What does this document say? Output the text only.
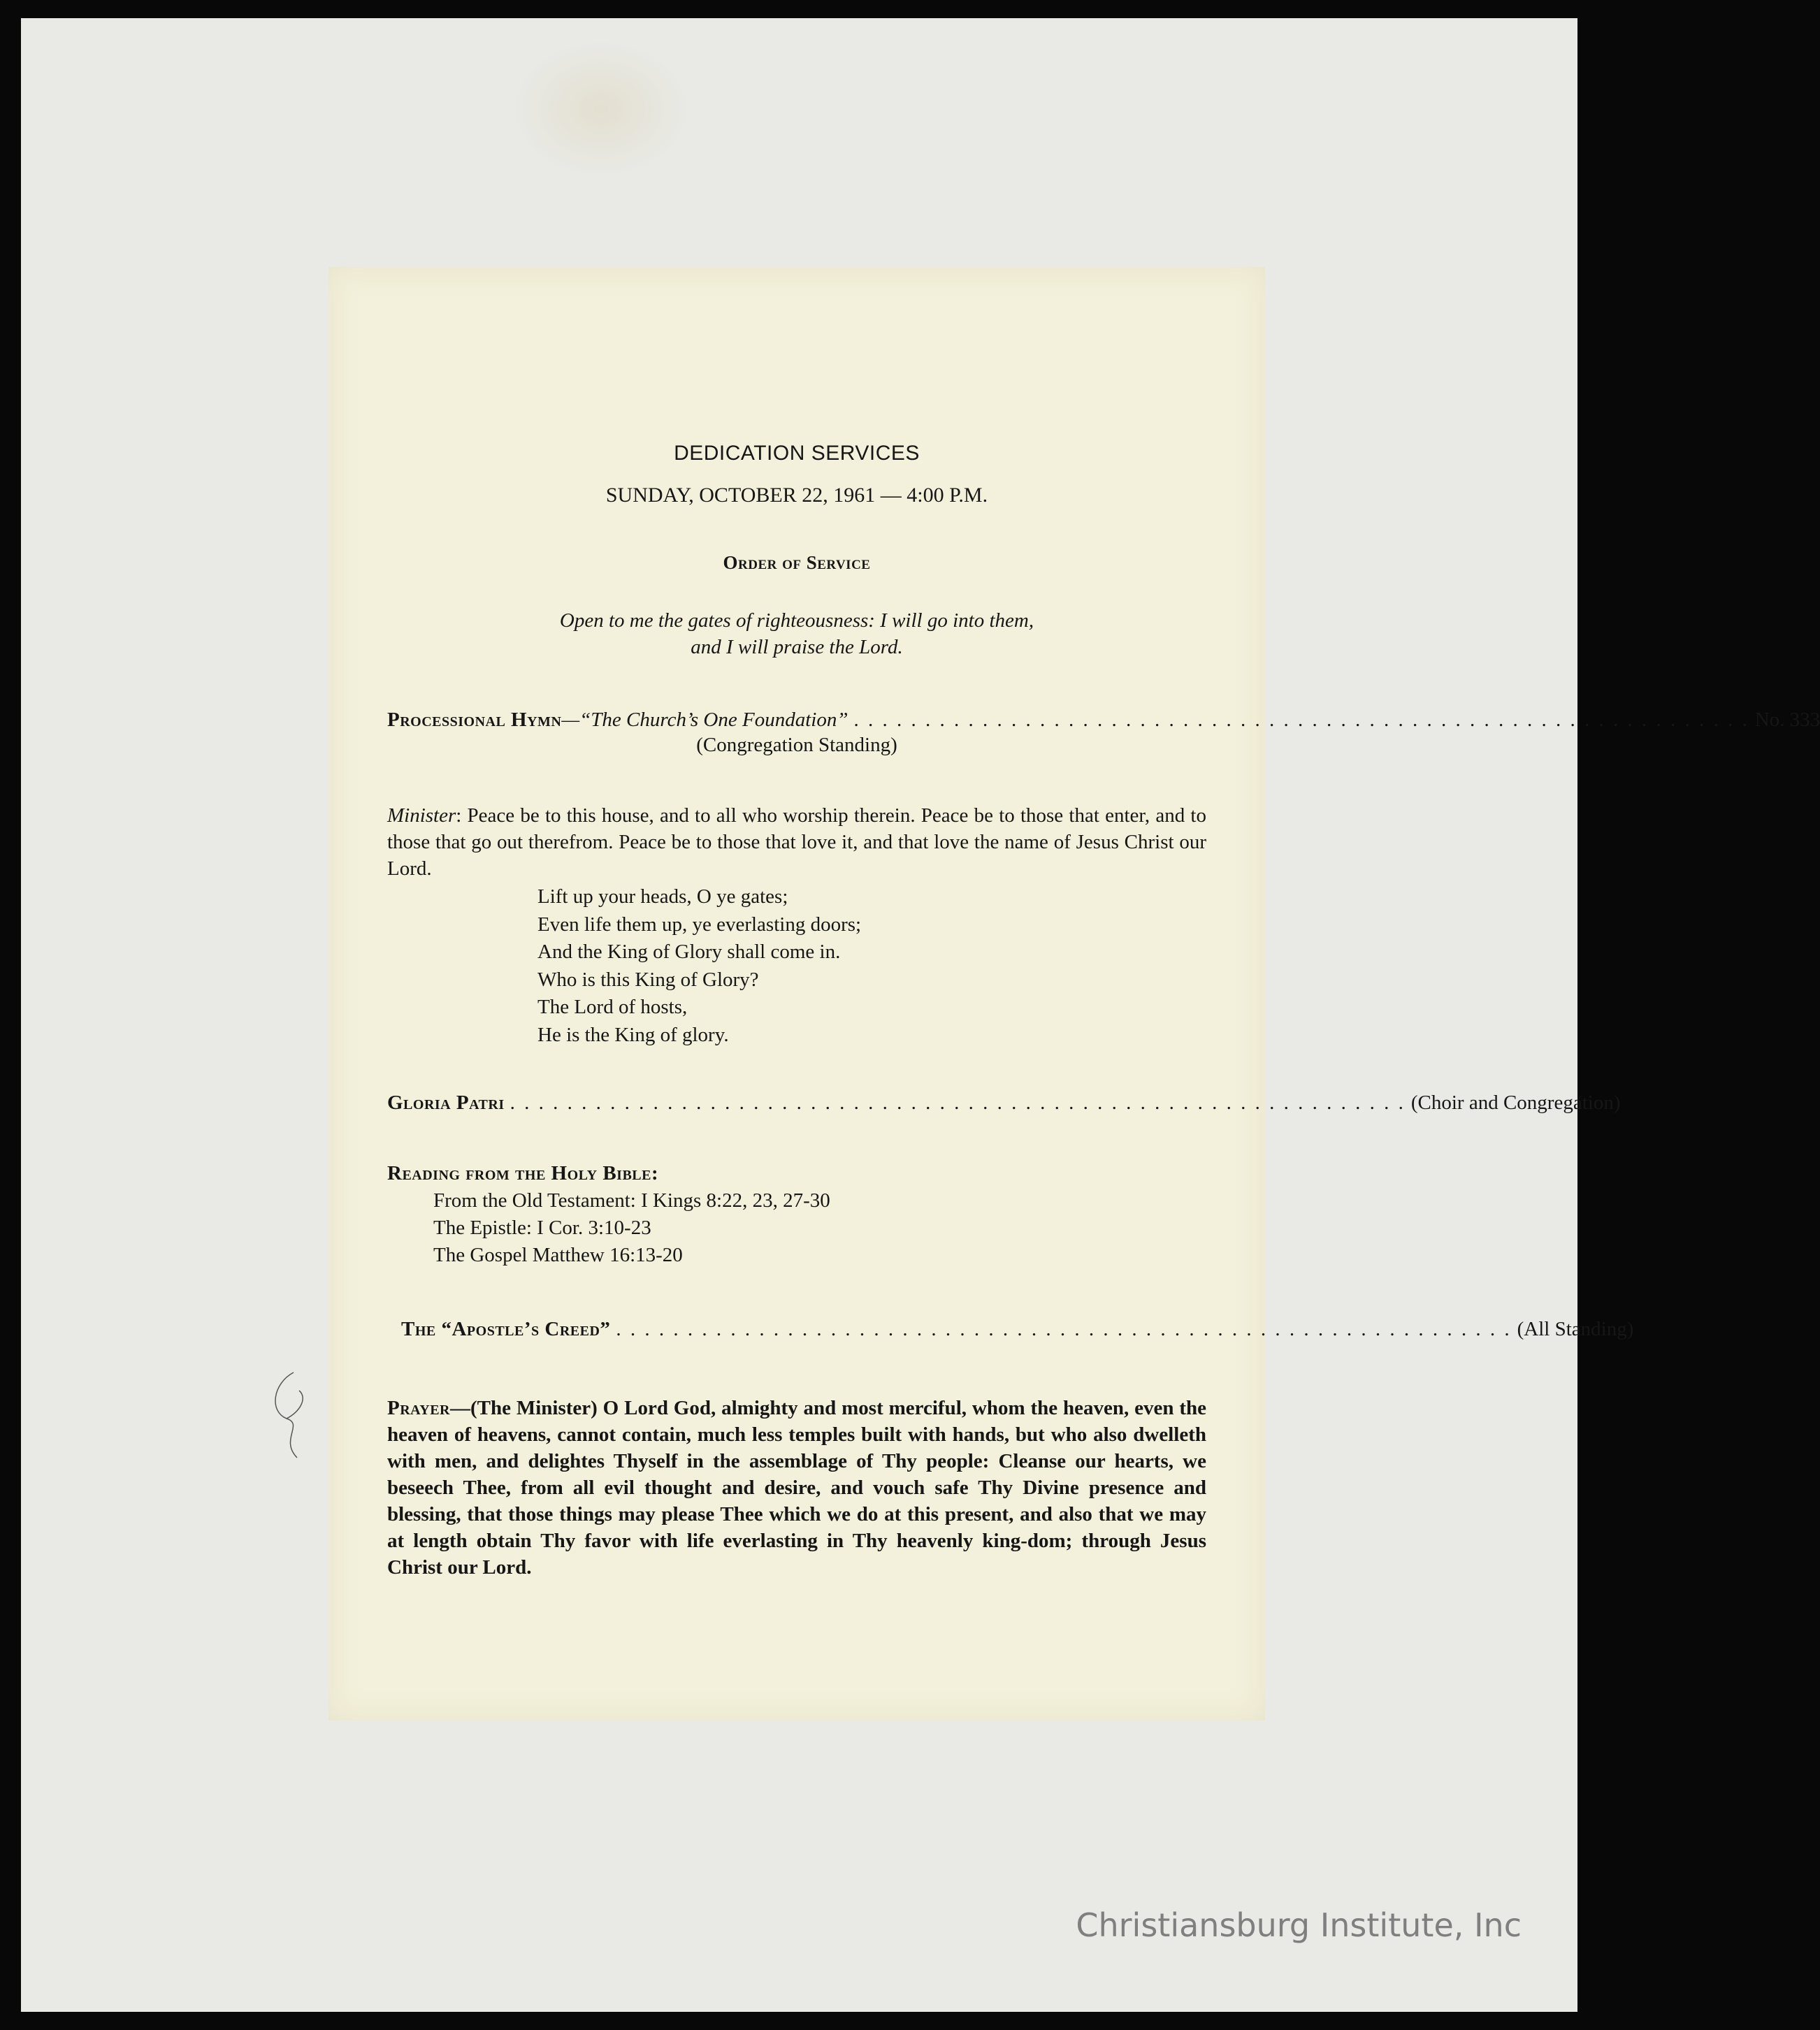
DEDICATION SERVICES
SUNDAY, OCTOBER 22, 1961 — 4:00 P.M.
Order of Service
Open to me the gates of righteousness: I will go into them,
and I will praise the Lord.
Processional Hymn —“The Church’s One Foundation” . . . . . . . . . . . . . . . . . . . . . . . . . . . . . . . . . . . . . . . . . . . . . . . . . . . . . . . . . . . . . . . No. 333
(Congregation Standing)
Minister: Peace be to this house, and to all who worship therein. Peace be to those that enter, and to those that go out therefrom. Peace be to those that love it, and that love the name of Jesus Christ our Lord.
Lift up your heads, O ye gates;
Even life them up, ye everlasting doors;
And the King of Glory shall come in.
Who is this King of Glory?
The Lord of hosts,
He is the King of glory.
Gloria Patri . . . . . . . . . . . . . . . . . . . . . . . . . . . . . . . . . . . . . . . . . . . . . . . . . . . . . . . . . . . . . . . (Choir and Congregation)
Reading from the Holy Bible:
From the Old Testament: I Kings 8:22, 23, 27-30
The Epistle: I Cor. 3:10-23
The Gospel Matthew 16:13-20
The “Apostle’s Creed” . . . . . . . . . . . . . . . . . . . . . . . . . . . . . . . . . . . . . . . . . . . . . . . . . . . . . . . . . . . . . . . (All Standing)
Prayer—(The Minister) O Lord God, almighty and most merciful, whom the heaven, even the heaven of heavens, cannot contain, much less temples built with hands, but who also dwelleth with men, and delightes Thyself in the assemblage of Thy people: Cleanse our hearts, we beseech Thee, from all evil thought and desire, and vouch safe Thy Divine presence and blessing, that those things may please Thee which we do at this present, and also that we may at length obtain Thy favor with life everlasting in Thy heavenly king-dom; through Jesus Christ our Lord.
Christiansburg Institute, Inc
